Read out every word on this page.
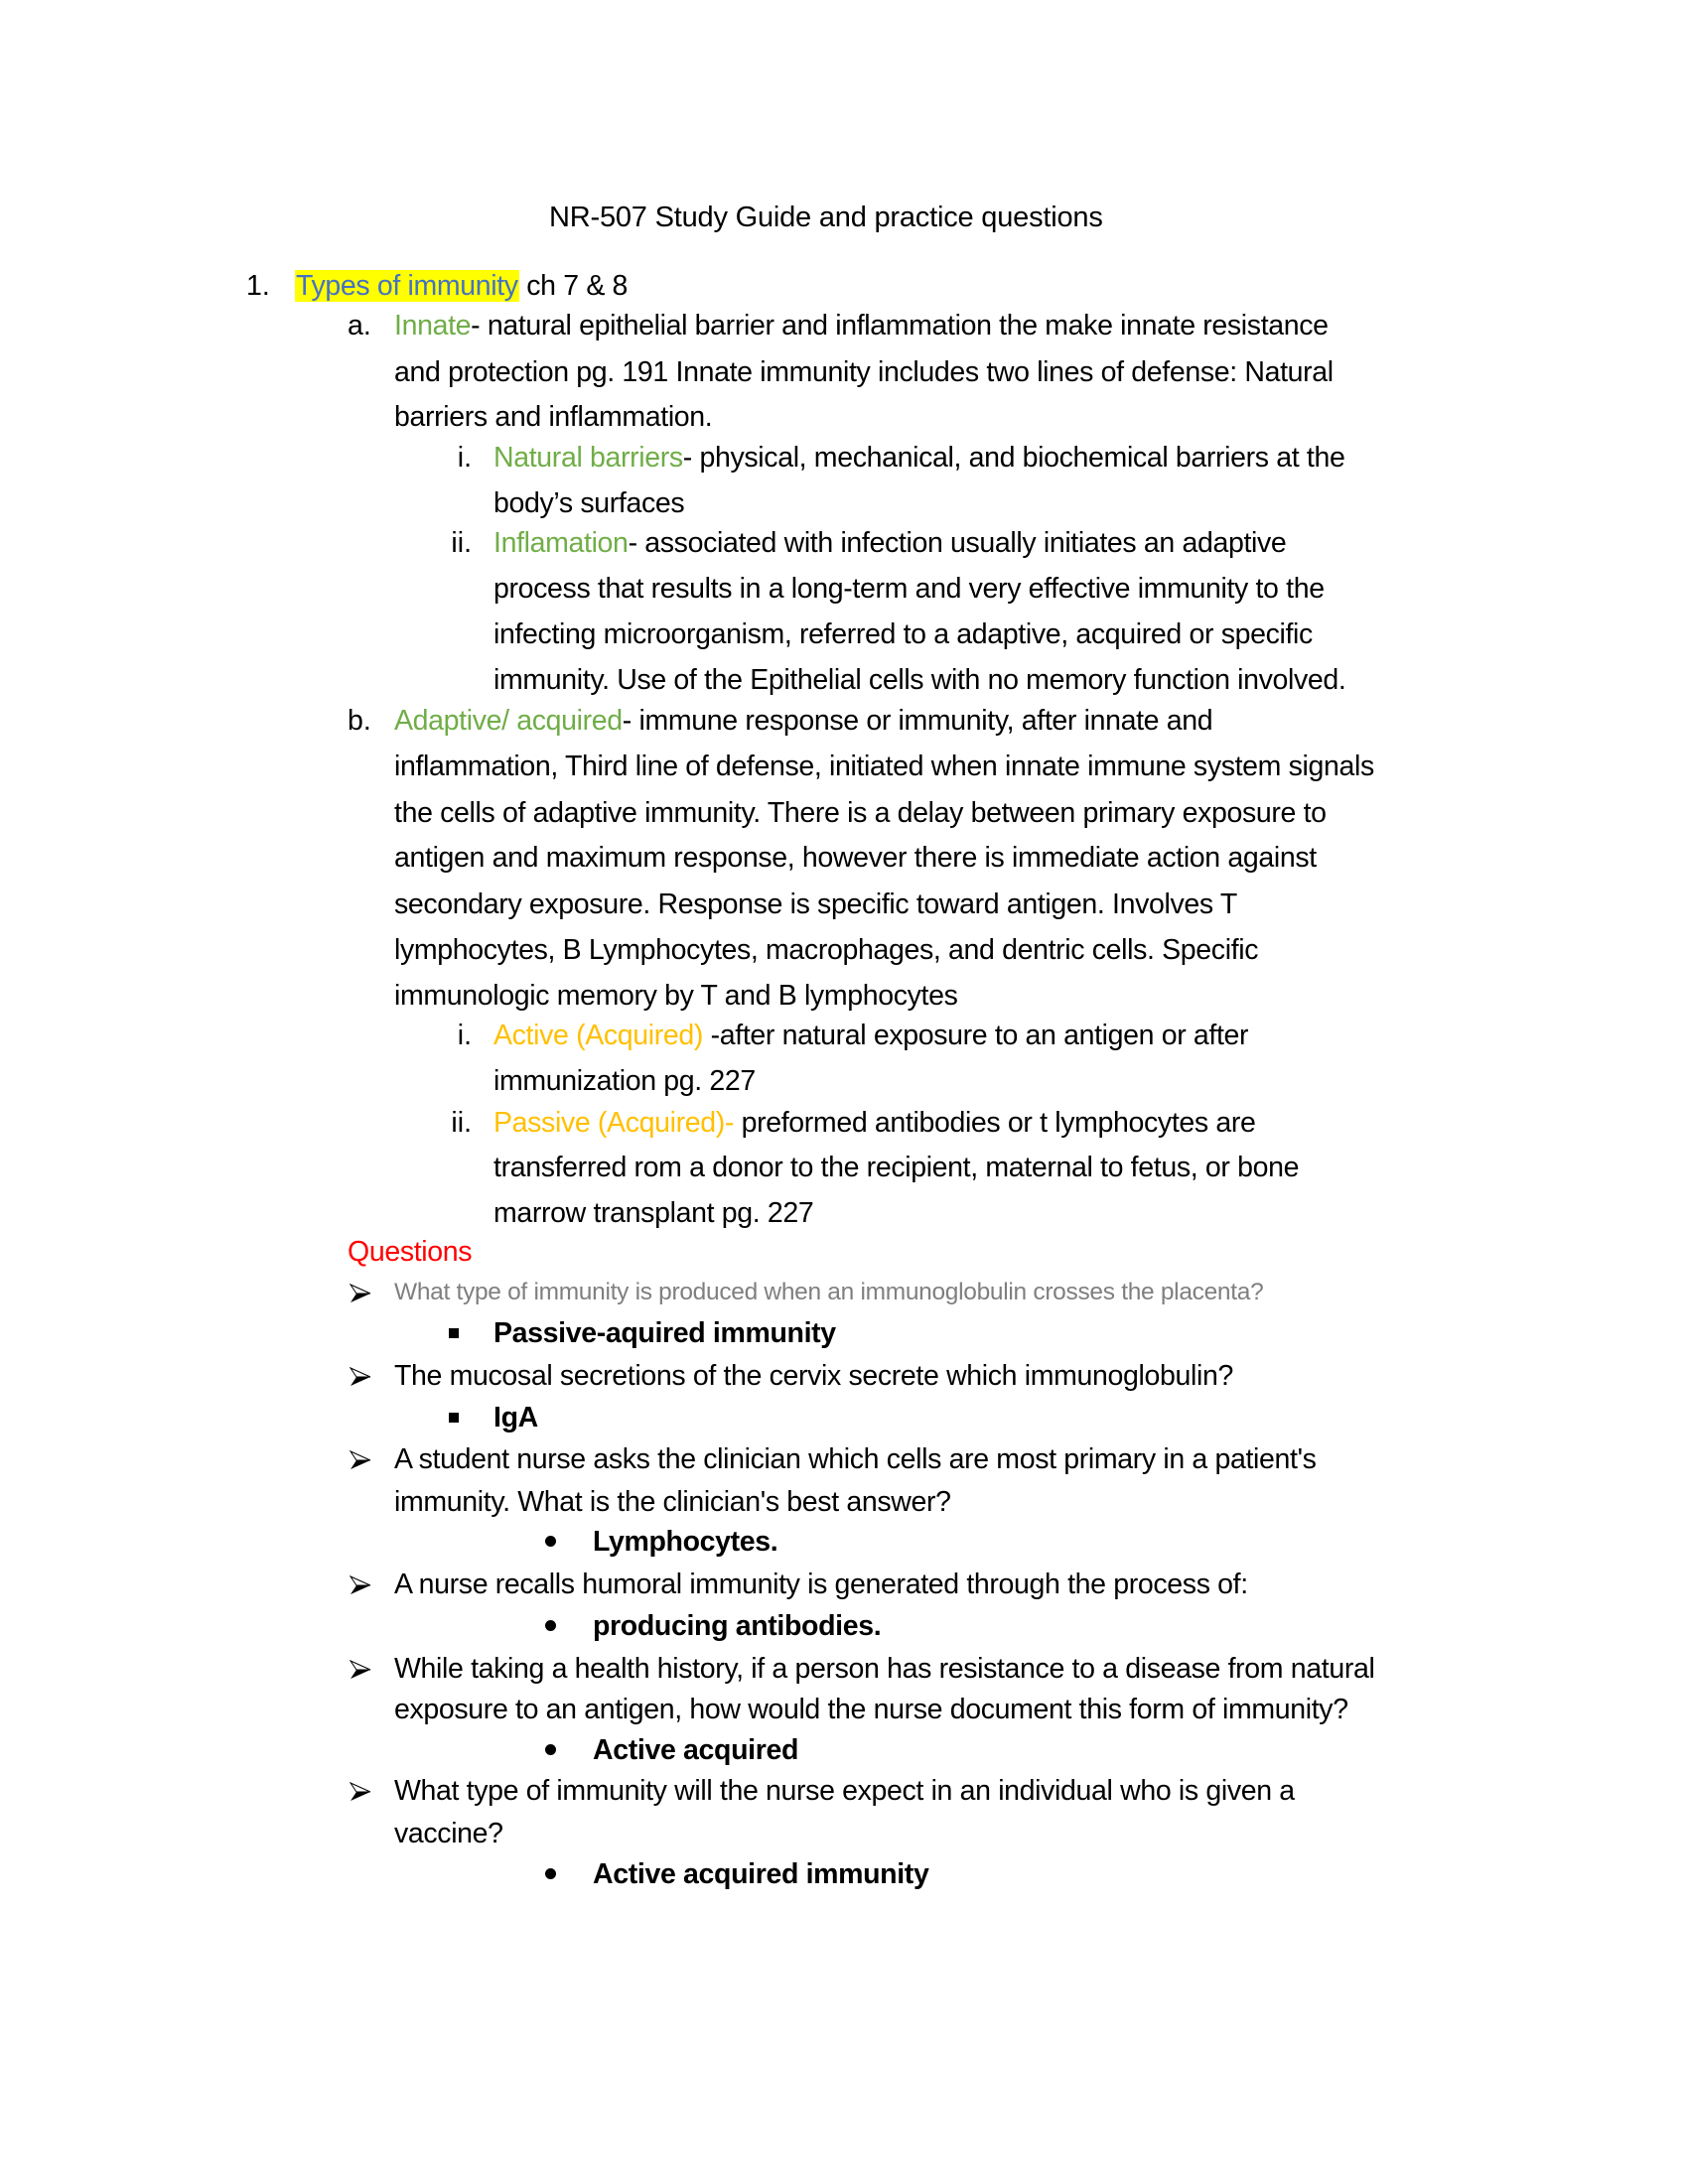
NR-507 Study Guide and practice questions
1. Types of immunity ch 7 & 8
a. Innate- natural epithelial barrier and inflammation the make innate resistance
and protection pg. 191 Innate immunity includes two lines of defense: Natural
barriers and inflammation.
i. Natural barriers- physical, mechanical, and biochemical barriers at the
body’s surfaces
ii. Inflamation- associated with infection usually initiates an adaptive
process that results in a long-term and very effective immunity to the
infecting microorganism, referred to a adaptive, acquired or specific
immunity. Use of the Epithelial cells with no memory function involved.
b. Adaptive/ acquired- immune response or immunity, after innate and
inflammation, Third line of defense, initiated when innate immune system signals
the cells of adaptive immunity. There is a delay between primary exposure to
antigen and maximum response, however there is immediate action against
secondary exposure. Response is specific toward antigen. Involves T
lymphocytes, B Lymphocytes, macrophages, and dentric cells. Specific
immunologic memory by T and B lymphocytes
i. Active (Acquired) -after natural exposure to an antigen or after
immunization pg. 227
ii. Passive (Acquired)- preformed antibodies or t lymphocytes are
transferred rom a donor to the recipient, maternal to fetus, or bone
marrow transplant pg. 227
Questions
What type of immunity is produced when an immunoglobulin crosses the placenta?
Passive-aquired immunity
The mucosal secretions of the cervix secrete which immunoglobulin?
IgA
A student nurse asks the clinician which cells are most primary in a patient's
immunity. What is the clinician's best answer?
Lymphocytes.
A nurse recalls humoral immunity is generated through the process of:
producing antibodies.
While taking a health history, if a person has resistance to a disease from natural
exposure to an antigen, how would the nurse document this form of immunity?
Active acquired
What type of immunity will the nurse expect in an individual who is given a
vaccine?
Active acquired immunity
